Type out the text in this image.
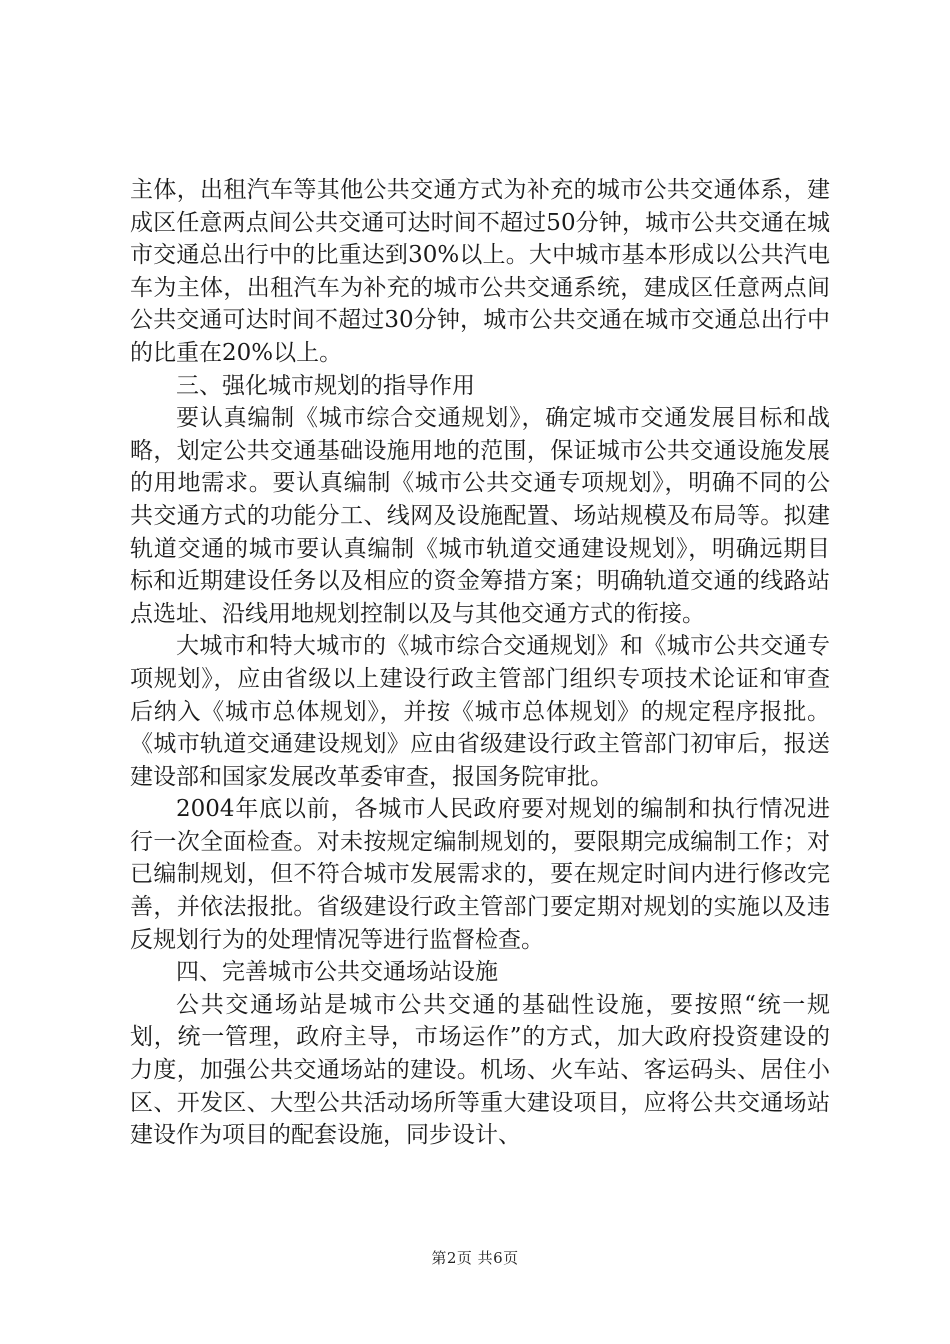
主体，出租汽车等其他公共交通方式为补充的城市公共交通体系，建成区任意两点间公共交通可达时间不超过50分钟，城市公共交通在城市交通总出行中的比重达到30%以上。大中城市基本形成以公共汽电车为主体，出租汽车为补充的城市公共交通系统，建成区任意两点间公共交通可达时间不超过30分钟，城市公共交通在城市交通总出行中的比重在20%以上。

三、强化城市规划的指导作用

要认真编制《城市综合交通规划》，确定城市交通发展目标和战略，划定公共交通基础设施用地的范围，保证城市公共交通设施发展的用地需求。要认真编制《城市公共交通专项规划》，明确不同的公共交通方式的功能分工、线网及设施配置、场站规模及布局等。拟建轨道交通的城市要认真编制《城市轨道交通建设规划》，明确远期目标和近期建设任务以及相应的资金筹措方案；明确轨道交通的线路站点选址、沿线用地规划控制以及与其他交通方式的衔接。

大城市和特大城市的《城市综合交通规划》和《城市公共交通专项规划》，应由省级以上建设行政主管部门组织专项技术论证和审查后纳入《城市总体规划》，并按《城市总体规划》的规定程序报批。《城市轨道交通建设规划》应由省级建设行政主管部门初审后，报送建设部和国家发展改革委审查，报国务院审批。

2004年底以前，各城市人民政府要对规划的编制和执行情况进行一次全面检查。对未按规定编制规划的，要限期完成编制工作；对已编制规划，但不符合城市发展需求的，要在规定时间内进行修改完善，并依法报批。省级建设行政主管部门要定期对规划的实施以及违反规划行为的处理情况等进行监督检查。

四、完善城市公共交通场站设施

公共交通场站是城市公共交通的基础性设施，要按照“统一规划，统一管理，政府主导，市场运作”的方式，加大政府投资建设的力度，加强公共交通场站的建设。机场、火车站、客运码头、居住小区、开发区、大型公共活动场所等重大建设项目，应将公共交通场站建设作为项目的配套设施，同步设计、

第2页 共6页
